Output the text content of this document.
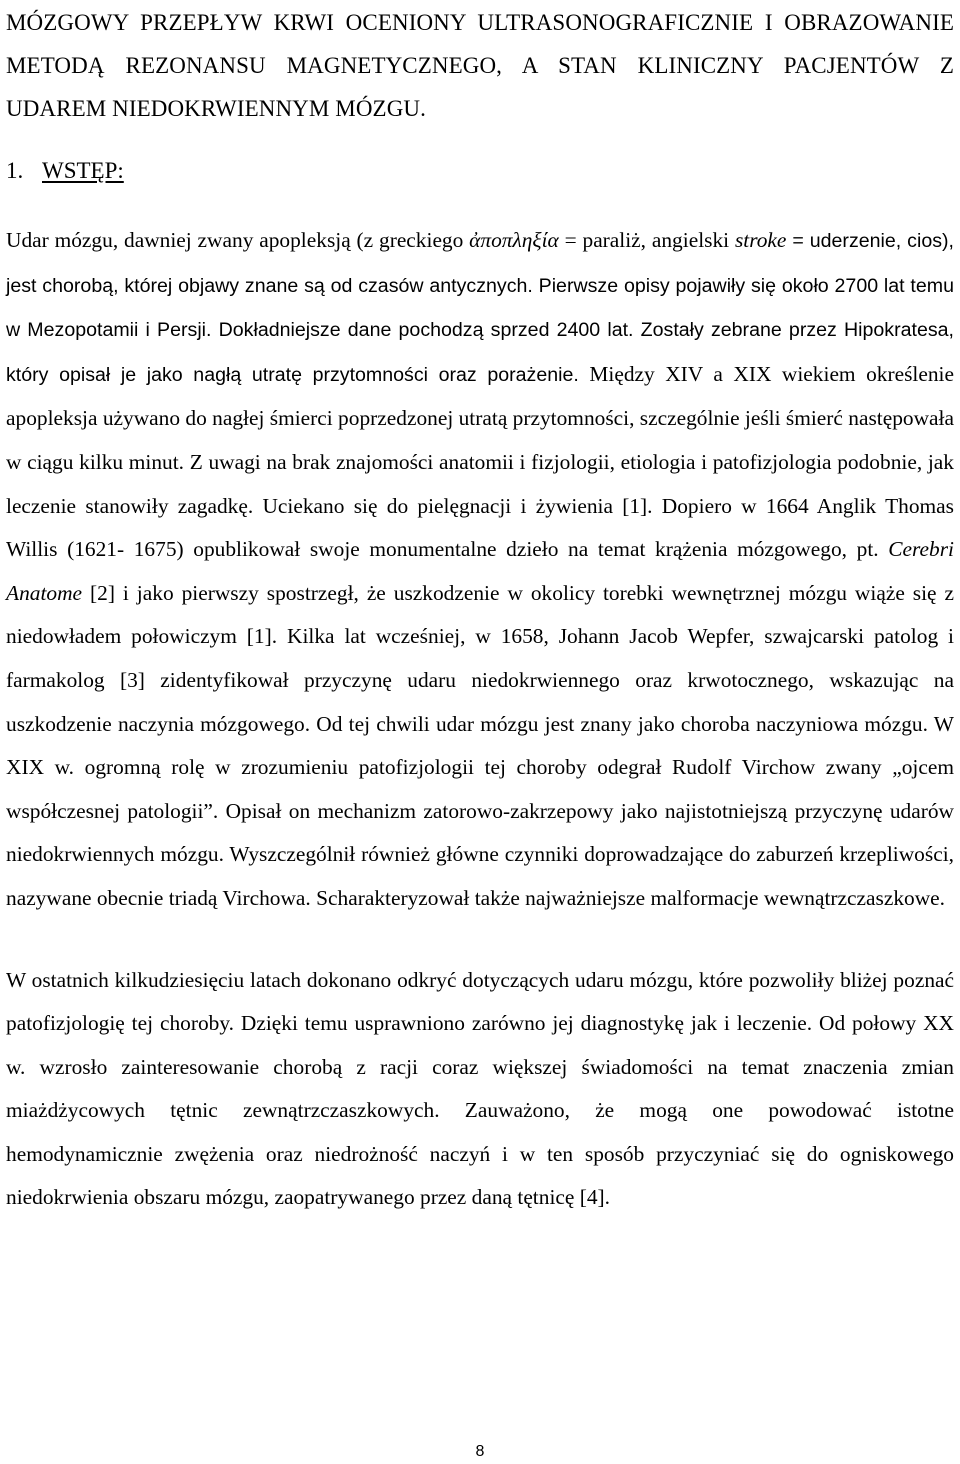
MÓZGOWY PRZEPŁYW KRWI OCENIONY ULTRASONOGRAFICZNIE I OBRAZOWANIE METODĄ REZONANSU MAGNETYCZNEGO, A STAN KLINICZNY PACJENTÓW Z UDAREM NIEDOKRWIENNYM MÓZGU.
1. WSTĘP:

Udar mózgu, dawniej zwany apopleksją (z greckiego ἀποπληξία = paraliż, angielski stroke = uderzenie, cios), jest chorobą, której objawy znane są od czasów antycznych. Pierwsze opisy pojawiły się około 2700 lat temu w Mezopotamii i Persji. Dokładniejsze dane pochodzą sprzed 2400 lat. Zostały zebrane przez Hipokratesa, który opisał je jako nagłą utratę przytomności oraz porażenie. Między XIV a XIX wiekiem określenie apopleksja używano do nagłej śmierci poprzedzonej utratą przytomności, szczególnie jeśli śmierć następowała w ciągu kilku minut. Z uwagi na brak znajomości anatomii i fizjologii, etiologia i patofizjologia podobnie, jak leczenie stanowiły zagadkę. Uciekano się do pielęgnacji i żywienia [1]. Dopiero w 1664 Anglik Thomas Willis (1621- 1675) opublikował swoje monumentalne dzieło na temat krążenia mózgowego, pt. Cerebri Anatome [2] i jako pierwszy spostrzegł, że uszkodzenie w okolicy torebki wewnętrznej mózgu wiąże się z niedowładem połowiczym [1]. Kilka lat wcześniej, w 1658, Johann Jacob Wepfer, szwajcarski patolog i farmakolog [3] zidentyfikował przyczynę udaru niedokrwiennego oraz krwotocznego, wskazując na uszkodzenie naczynia mózgowego. Od tej chwili udar mózgu jest znany jako choroba naczyniowa mózgu. W XIX w. ogromną rolę w zrozumieniu patofizjologii tej choroby odegrał Rudolf Virchow zwany „ojcem współczesnej patologii”. Opisał on mechanizm zatorowo-zakrzepowy jako najistotniejszą przyczynę udarów niedokrwiennych mózgu. Wyszczególnił również główne czynniki doprowadzające do zaburzeń krzepliwości, nazywane obecnie triadą Virchowa. Scharakteryzował także najważniejsze malformacje wewnątrzczaszkowe.

W ostatnich kilkudziesięciu latach dokonano odkryć dotyczących udaru mózgu, które pozwoliły bliżej poznać patofizjologię tej choroby. Dzięki temu usprawniono zarówno jej diagnostykę jak i leczenie. Od połowy XX w. wzrosło zainteresowanie chorobą z racji coraz większej świadomości na temat znaczenia zmian miażdżycowych tętnic zewnątrzczaszkowych. Zauważono, że mogą one powodować istotne hemodynamicznie zwężenia oraz niedrożność naczyń i w ten sposób przyczyniać się do ogniskowego niedokrwienia obszaru mózgu, zaopatrywanego przez daną tętnicę [4].

8
